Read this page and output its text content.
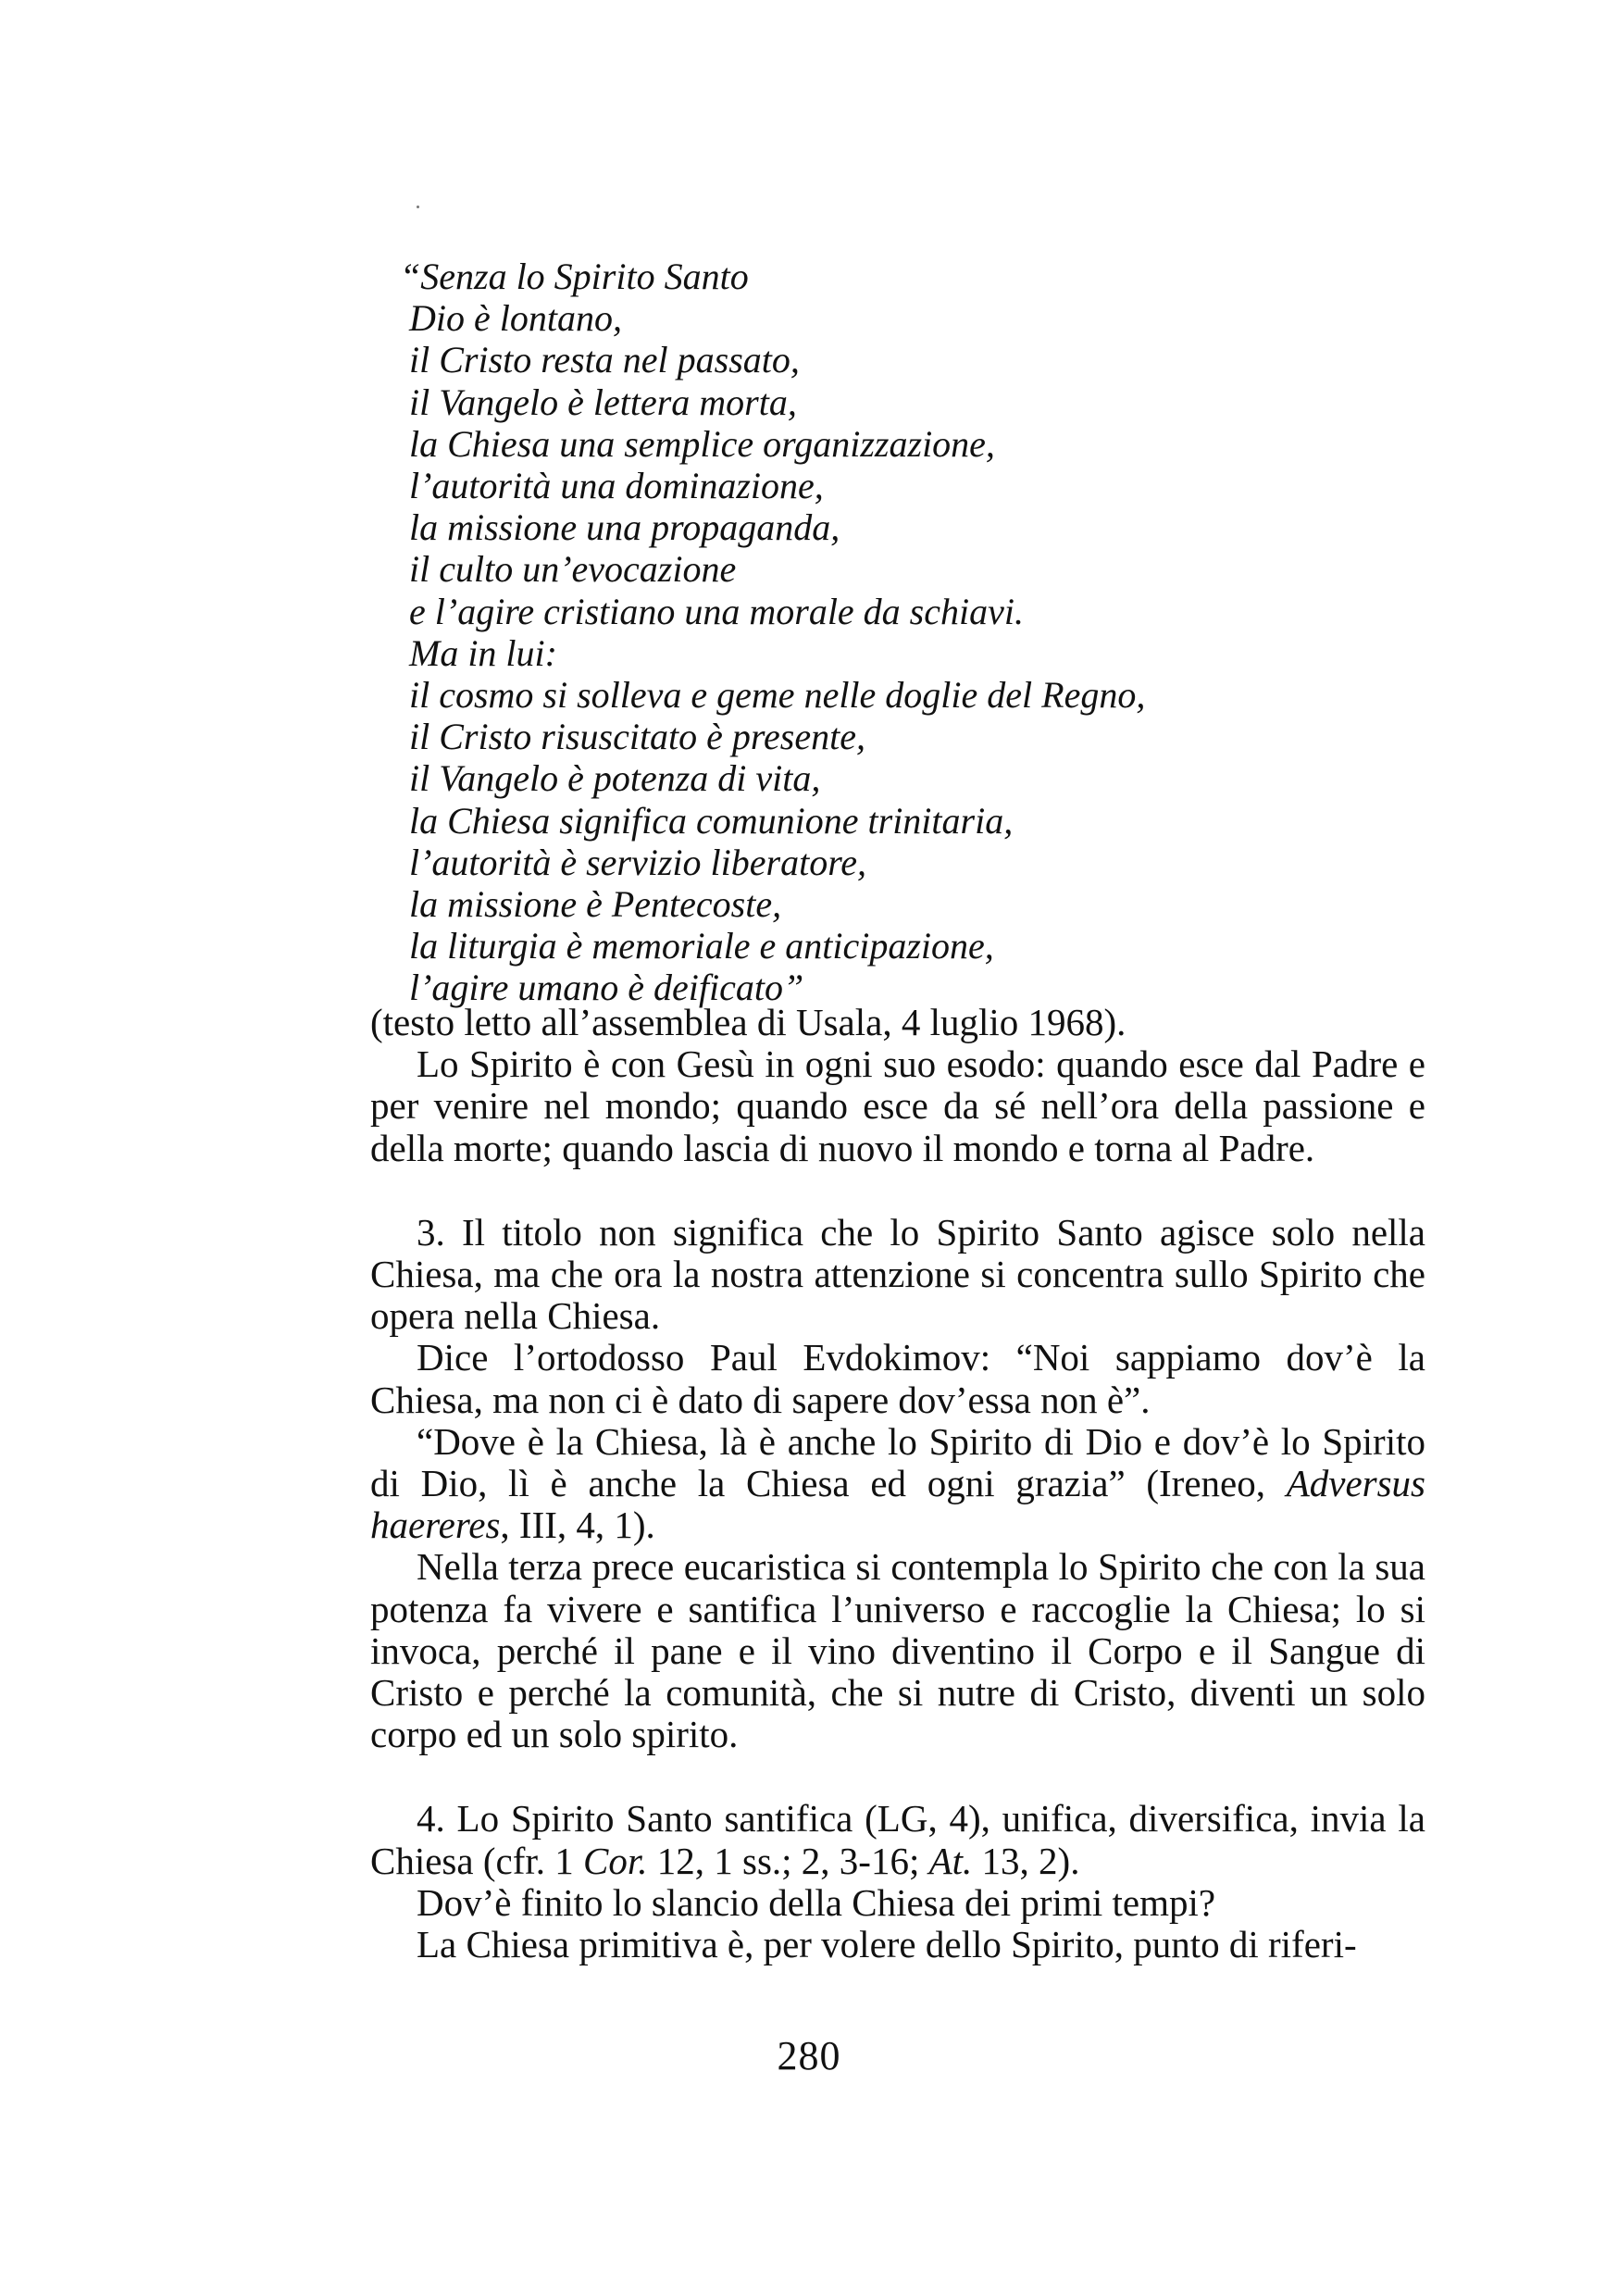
“Senza lo Spirito Santo
Dio è lontano,
il Cristo resta nel passato,
il Vangelo è lettera morta,
la Chiesa una semplice organizzazione,
l’autorità una dominazione,
la missione una propaganda,
il culto un’evocazione
e l’agire cristiano una morale da schiavi.
Ma in lui:
il cosmo si solleva e geme nelle doglie del Regno,
il Cristo risuscitato è presente,
il Vangelo è potenza di vita,
la Chiesa significa comunione trinitaria,
l’autorità è servizio liberatore,
la missione è Pentecoste,
la liturgia è memoriale e anticipazione,
l’agire umano è deificato”

(testo letto all’assemblea di Usala, 4 luglio 1968).

Lo Spirito è con Gesù in ogni suo esodo: quando esce dal Padre e per venire nel mondo; quando esce da sé nell’ora della passione e della morte; quando lascia di nuovo il mondo e torna al Padre.

3. Il titolo non significa che lo Spirito Santo agisce solo nella Chiesa, ma che ora la nostra attenzione si concentra sullo Spirito che opera nella Chiesa.

Dice l’ortodosso Paul Evdokimov: “Noi sappiamo dov’è la Chiesa, ma non ci è dato di sapere dov’essa non è”.

“Dove è la Chiesa, là è anche lo Spirito di Dio e dov’è lo Spirito di Dio, lì è anche la Chiesa ed ogni grazia” (Ireneo, Adversus haereres, III, 4, 1).

Nella terza prece eucaristica si contempla lo Spirito che con la sua potenza fa vivere e santifica l’universo e raccoglie la Chiesa; lo si invoca, perché il pane e il vino diventino il Corpo e il Sangue di Cristo e perché la comunità, che si nutre di Cristo, diventi un solo corpo ed un solo spirito.

4. Lo Spirito Santo santifica (LG, 4), unifica, diversifica, invia la Chiesa (cfr. 1 Cor. 12, 1 ss.; 2, 3-16; At. 13, 2).

Dov’è finito lo slancio della Chiesa dei primi tempi?

La Chiesa primitiva è, per volere dello Spirito, punto di riferi-

280
